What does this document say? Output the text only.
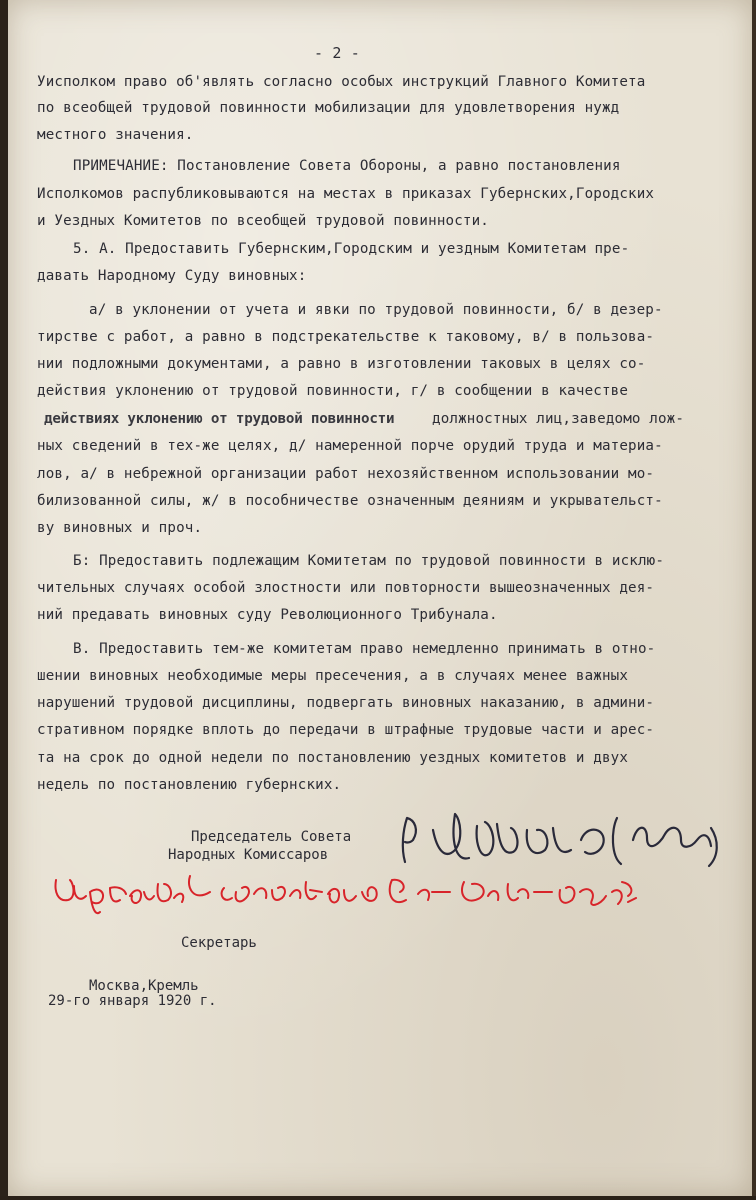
- 2 -
Уисполком право об'являть согласно особых инструкций Главного Комитета
по всеобщей трудовой повинности мобилизации для удовлетворения нужд
местного значения.
ПРИМЕЧАНИЕ: Постановление Совета Обороны, а равно постановления
Исполкомов распубликовываются на местах в приказах Губернских,Городских
и Уездных Комитетов по всеобщей трудовой повинности.
5. А. Предоставить Губернским,Городским и уездным Комитетам пре-
давать Народному Суду виновных:
а/ в уклонении от учета и явки по трудовой повинности, б/ в дезер-
тирстве с работ, а равно в подстрекательстве к таковому, в/ в пользова-
нии подложными документами, а равно в изготовлении таковых в целях со-
действия уклонению от трудовой повинности, г/ в сообщении в качестве
действиях уклонению от трудовой повинности	должностных лиц,заведомо лож-
ных сведений в тех-же целях, д/ намеренной порче орудий труда и материа-
лов, а/ в небрежной организации работ нехозяйственном использовании мо-
билизованной силы, ж/ в пособничестве означенным деяниям и укрывательст-
ву виновных и проч.
Б: Предоставить подлежащим Комитетам по трудовой повинности в исклю-
чительных случаях особой злостности или повторности вышеозначенных дея-
ний предавать виновных суду Революционного Трибунала.
В. Предоставить тем-же комитетам право немедленно принимать в отно-
шении виновных необходимые меры пресечения, а в случаях менее важных
нарушений трудовой дисциплины, подвергать виновных наказанию, в админи-
стративном порядке вплоть до передачи в штрафные трудовые части и арес-
та на срок до одной недели по постановлению уездных комитетов и двух
недель по постановлению губернских.
Председатель Совета
Народных Комиссаров
Секретарь
Москва,Кремль
29-го января 1920 г.
